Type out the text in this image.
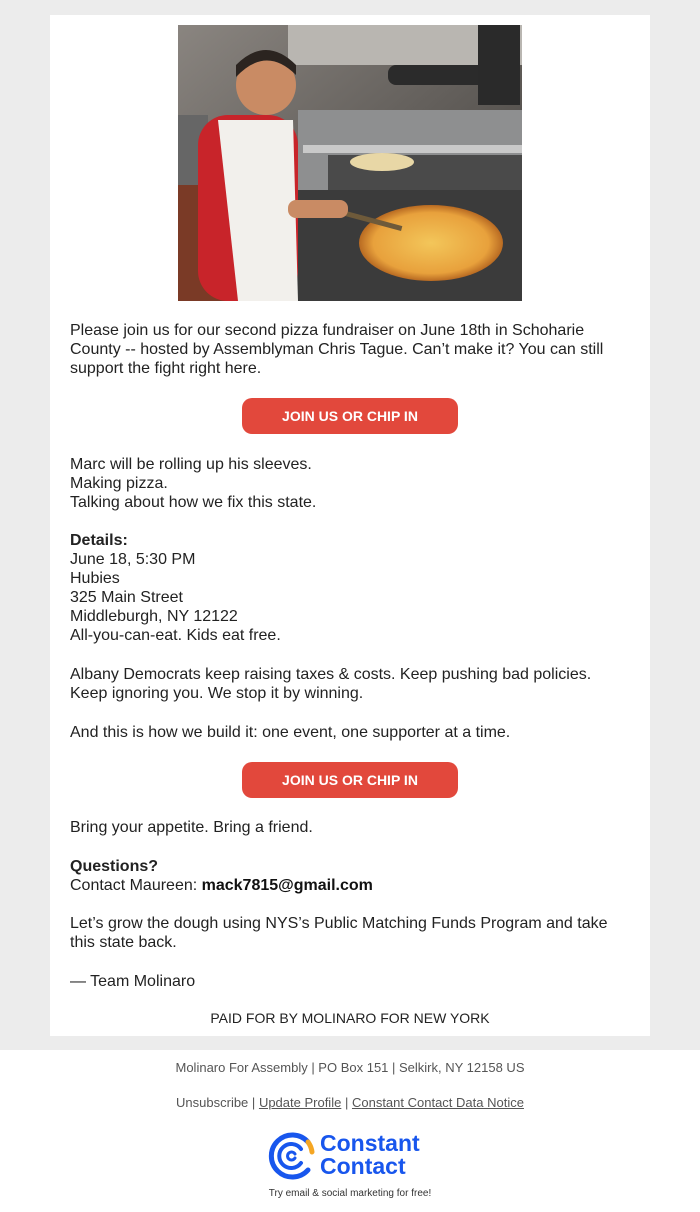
Please join us for our second pizza fundraiser on June 18th in Schoharie County -- hosted by Assemblyman Chris Tague. Can’t make it? You can still support the fight right here.
JOIN US OR CHIP IN
Marc will be rolling up his sleeves.
Making pizza.
Talking about how we fix this state.
Details:
June 18, 5:30 PM
Hubies
325 Main Street
Middleburgh, NY 12122
All-you-can-eat. Kids eat free.
Albany Democrats keep raising taxes & costs. Keep pushing bad policies. Keep ignoring you. We stop it by winning.
And this is how we build it: one event, one supporter at a time.
JOIN US OR CHIP IN
Bring your appetite. Bring a friend.
Questions?
Contact Maureen: mack7815@gmail.com
Let’s grow the dough using NYS’s Public Matching Funds Program and take this state back.
— Team Molinaro
PAID FOR BY MOLINARO FOR NEW YORK
Molinaro For Assembly | PO Box 151 | Selkirk, NY 12158 US
Unsubscribe | Update Profile | Constant Contact Data Notice
Constant
Contact
Try email & social marketing for free!
